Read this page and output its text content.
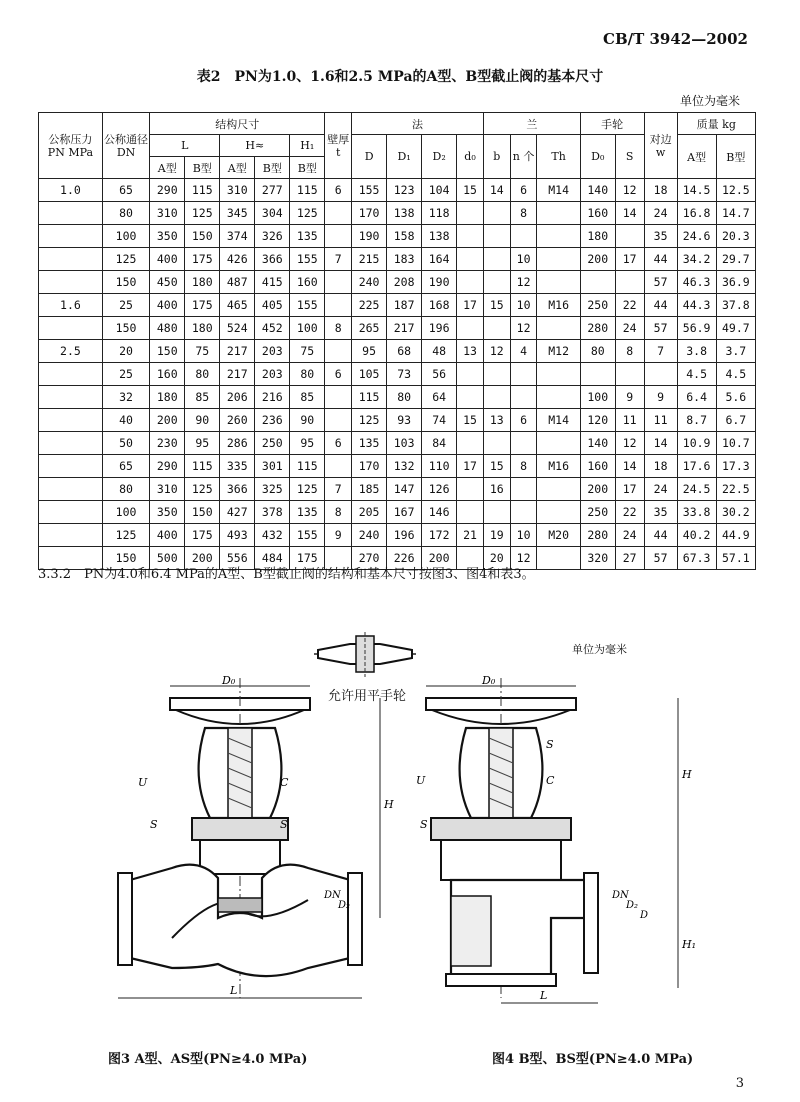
CB/T 3942—2002
表2　PN为1.0、1.6和2.5 MPa的A型、B型截止阀的基本尺寸
单位为毫米
公称压力 PN MPa	公称通径 DN	结构尺寸					壁厚 t	法				兰			手轮		对边 w	质量 kg	
		L		H≈		H₁		D	D₁	D₂	d₀	b	n 个	Th	D₀	S		A型	B型
		A型	B型	A型	B型	B型													
1.0	65	290	115	310	277	115	6	155	123	104	15	14	6	M14	140	12	18	14.5	12.5
	80	310	125	345	304	125		170	138	118			8		160	14	24	16.8	14.7
	100	350	150	374	326	135		190	158	138					180		35	24.6	20.3
	125	400	175	426	366	155	7	215	183	164			10		200	17	44	34.2	29.7
	150	450	180	487	415	160		240	208	190			12				57	46.3	36.9
1.6	25	400	175	465	405	155		225	187	168	17	15	10	M16	250	22	44	44.3	37.8
	150	480	180	524	452	100	8	265	217	196			12		280	24	57	56.9	49.7
2.5	20	150	75	217	203	75		95	68	48	13	12	4	M12	80	8	7	3.8	3.7
	25	160	80	217	203	80	6	105	73	56								4.5	4.5
	32	180	85	206	216	85		115	80	64					100	9	9	6.4	5.6
	40	200	90	260	236	90		125	93	74	15	13	6	M14	120	11	11	8.7	6.7
	50	230	95	286	250	95	6	135	103	84					140	12	14	10.9	10.7
	65	290	115	335	301	115		170	132	110	17	15	8	M16	160	14	18	17.6	17.3
	80	310	125	366	325	125	7	185	147	126		16			200	17	24	24.5	22.5
	100	350	150	427	378	135	8	205	167	146					250	22	35	33.8	30.2
	125	400	175	493	432	155	9	240	196	172	21	19	10	M20	280	24	44	40.2	44.9
	150	500	200	556	484	175		270	226	200		20	12		320	27	57	67.3	57.1
3.3.2　PN为4.0和6.4 MPa的A型、B型截止阀的结构和基本尺寸按图3、图4和表3。
单位为毫米
允许用平手轮
D₀
L
H
U
S
C
S
DN
D₂
D₀
L
H
H₁
U
S
C
S
DN
D₂
D
图3 A型、AS型(PN≥4.0 MPa)	图4 B型、BS型(PN≥4.0 MPa)
3
